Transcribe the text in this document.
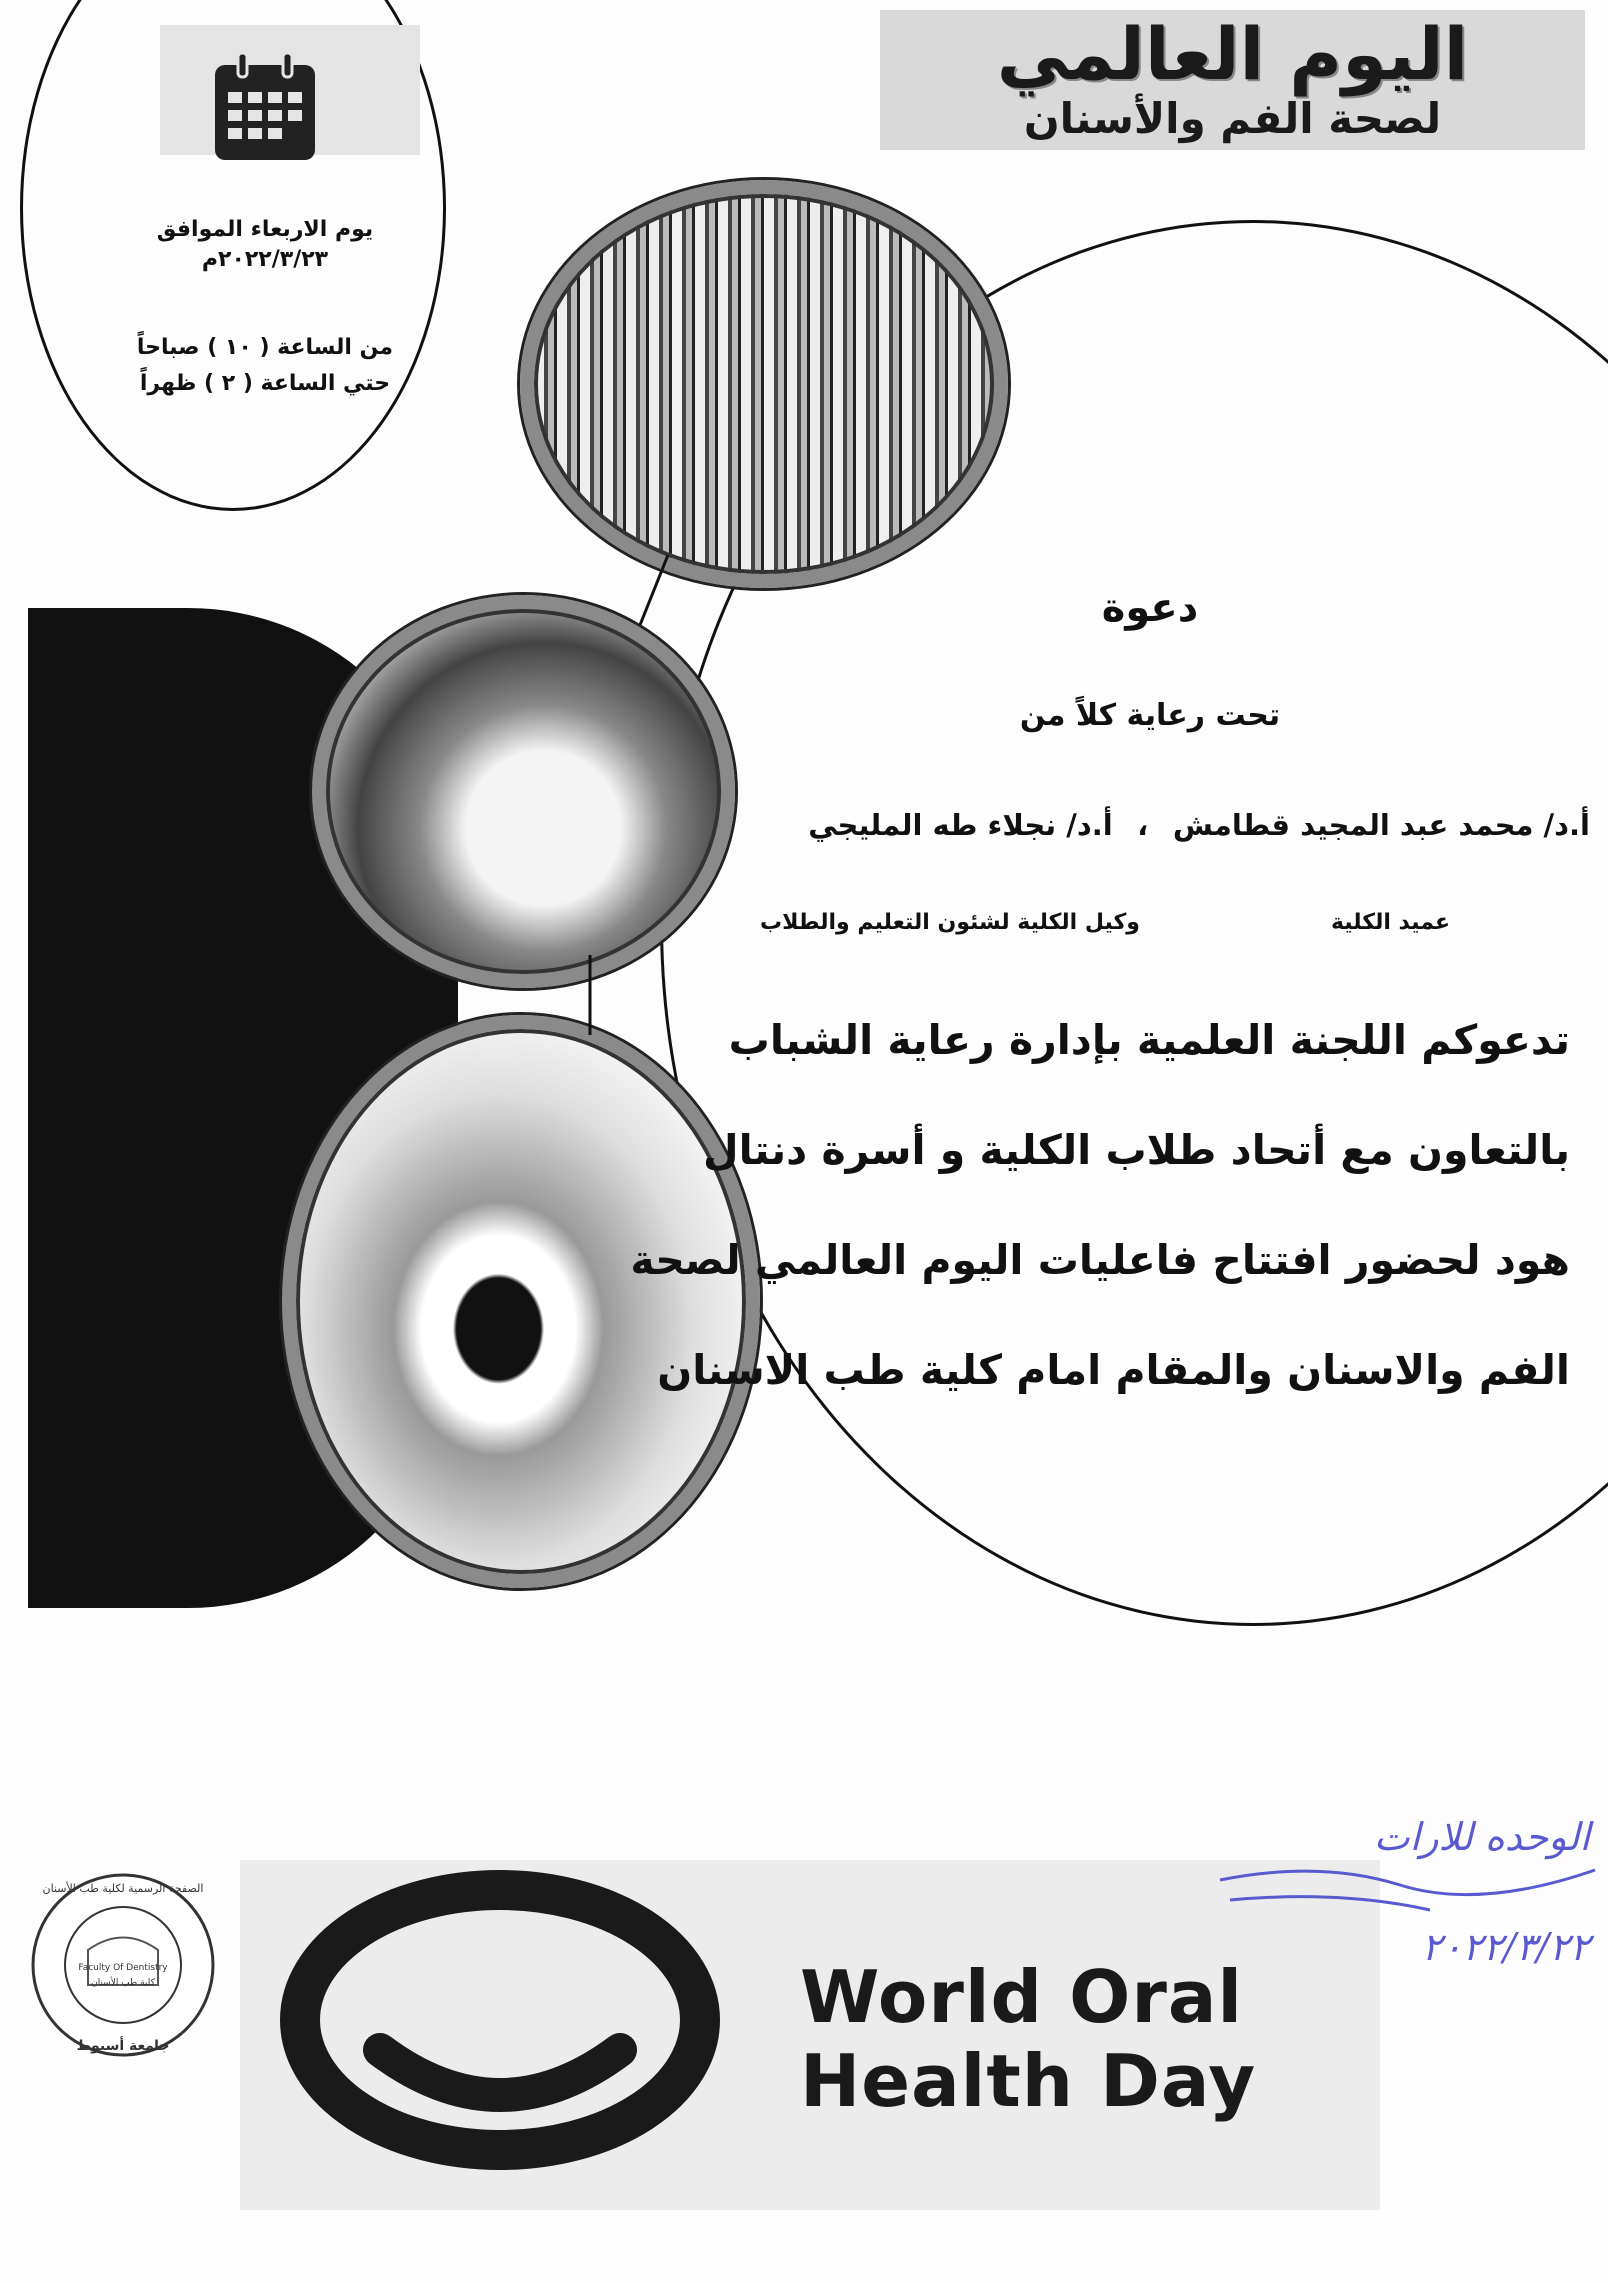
اليوم العالمي
لصحة الفم والأسنان
يوم الاربعاء الموافق
٢٠٢٢/٣/٢٣م
من الساعة ( ١٠ ) صباحاً
حتي الساعة ( ٢ ) ظهراً
دعوة
تحت رعاية كلاً من
أ.د/ محمد عبد المجيد قطامش ، أ.د/ نجلاء طه المليجي
عميد الكلية
وكيل الكلية لشئون التعليم والطلاب
تدعوكم اللجنة العلمية بإدارة رعاية الشباب
بالتعاون مع أتحاد طلاب الكلية و أسرة دنتال
هود لحضور افتتاح فاعليات اليوم العالمي لصحة
الفم والاسنان والمقام امام كلية طب الاسنان
World Oral
Health Day
الصفحة الرسمية لكلية طب الأسنان
جامعة أسيوط
Faculty Of Dentistry
كلية طب الأسنان
الوحده للارات
٢٠٢٢/٣/٢٢
